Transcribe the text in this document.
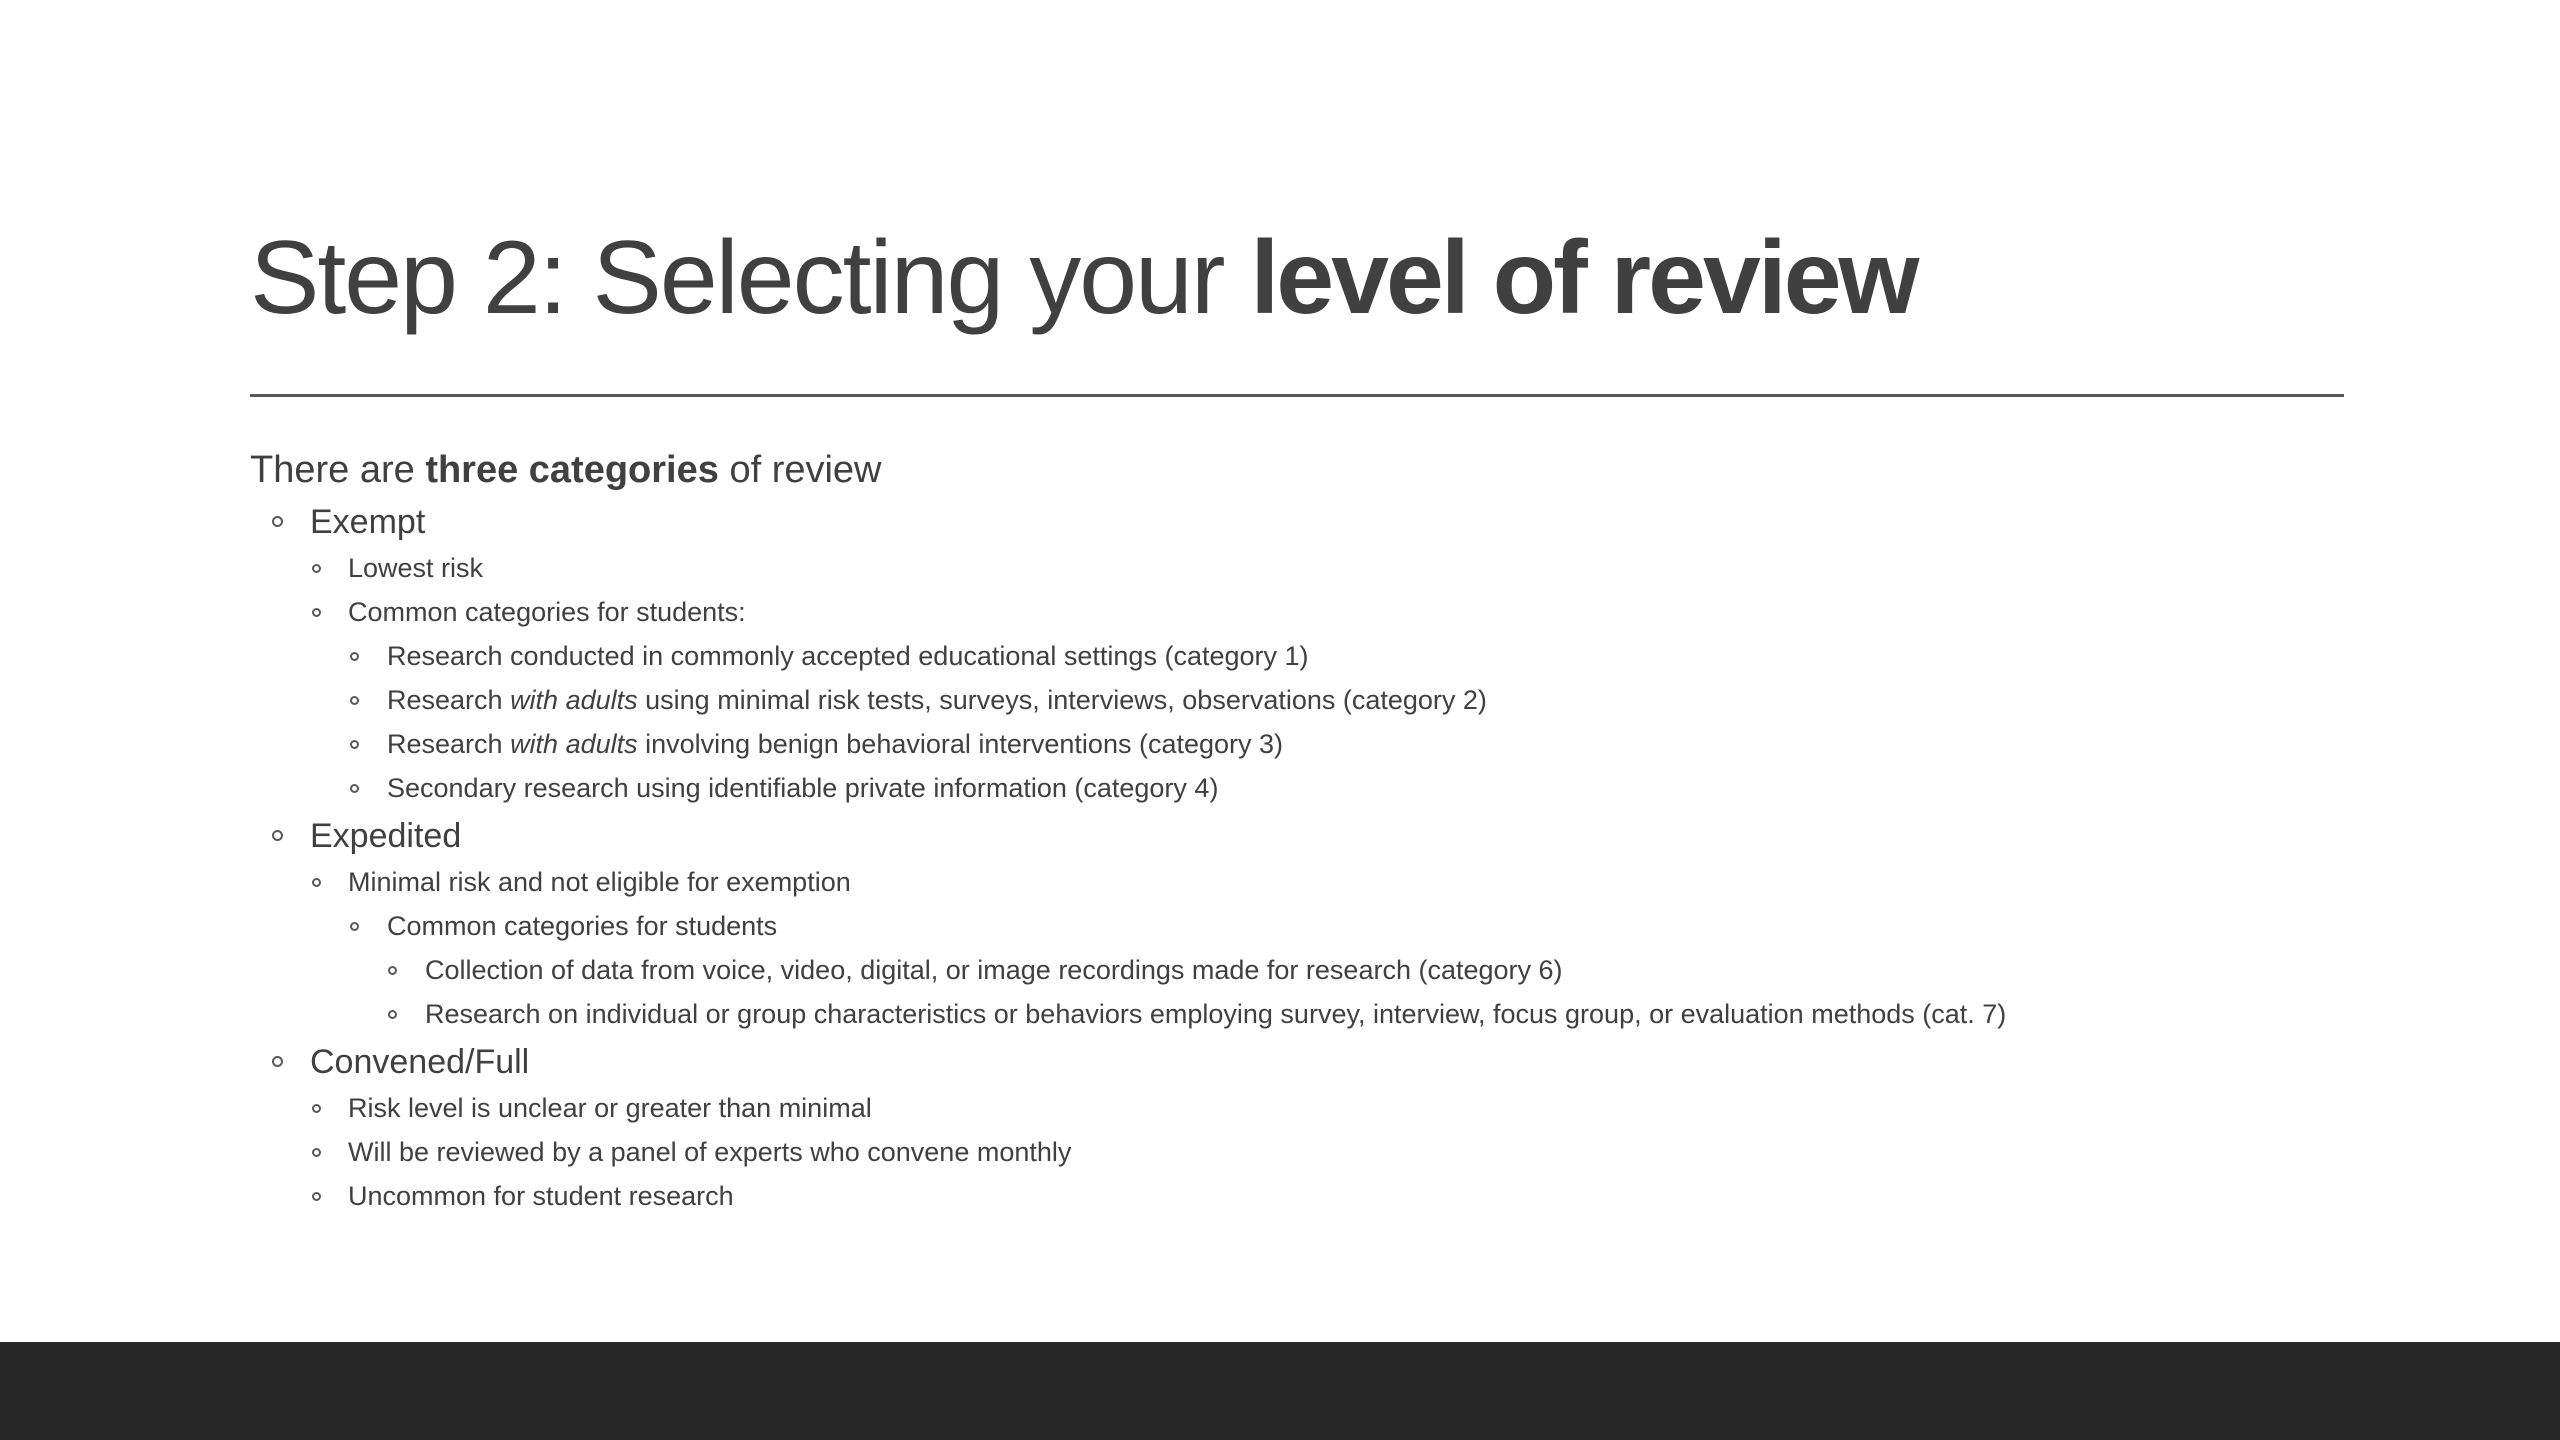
Step 2: Selecting your level of review
There are three categories of review
Exempt
Lowest risk
Common categories for students:
Research conducted in commonly accepted educational settings (category 1)
Research with adults using minimal risk tests, surveys, interviews, observations (category 2)
Research with adults involving benign behavioral interventions (category 3)
Secondary research using identifiable private information (category 4)
Expedited
Minimal risk and not eligible for exemption
Common categories for students
Collection of data from voice, video, digital, or image recordings made for research (category 6)
Research on individual or group characteristics or behaviors employing survey, interview, focus group, or evaluation methods (cat. 7)
Convened/Full
Risk level is unclear or greater than minimal
Will be reviewed by a panel of experts who convene monthly
Uncommon for student research
